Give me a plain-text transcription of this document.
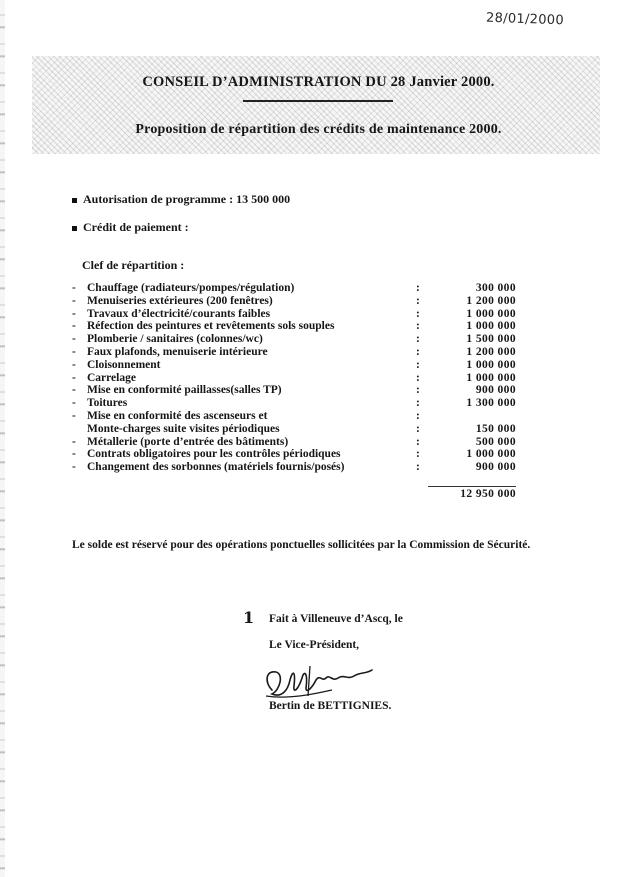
28/01/2000
CONSEIL D’ADMINISTRATION DU 28 Janvier 2000.
Proposition de répartition des crédits de maintenance 2000.
Autorisation de programme : 13 500 000
Crédit de paiement :
Clef de répartition :
- Chauffage (radiateurs/pompes/régulation)	:	300 000
- Menuiseries extérieures (200 fenêtres)	:	1 200 000
- Travaux d’électricité/courants faibles	:	1 000 000
- Réfection des peintures et revêtements sols souples	:	1 000 000
- Plomberie / sanitaires (colonnes/wc)	:	1 500 000
- Faux plafonds, menuiserie intérieure	:	1 200 000
- Cloisonnement	:	1 000 000
- Carrelage	:	1 000 000
- Mise en conformité paillasses(salles TP)	:	900 000
- Toitures	:	1 300 000
- Mise en conformité des ascenseurs et	:
Monte-charges suite visites périodiques	:	150 000
- Métallerie (porte d’entrée des bâtiments)	:	500 000
- Contrats obligatoires pour les contrôles périodiques	:	1 000 000
- Changement des sorbonnes (matériels fournis/posés)	:	900 000
12 950 000
Le solde est réservé pour des opérations ponctuelles sollicitées par la Commission de Sécurité.
1 Fait à Villeneuve d’Ascq, le
Le Vice-Président,
Bertin de BETTIGNIES.
